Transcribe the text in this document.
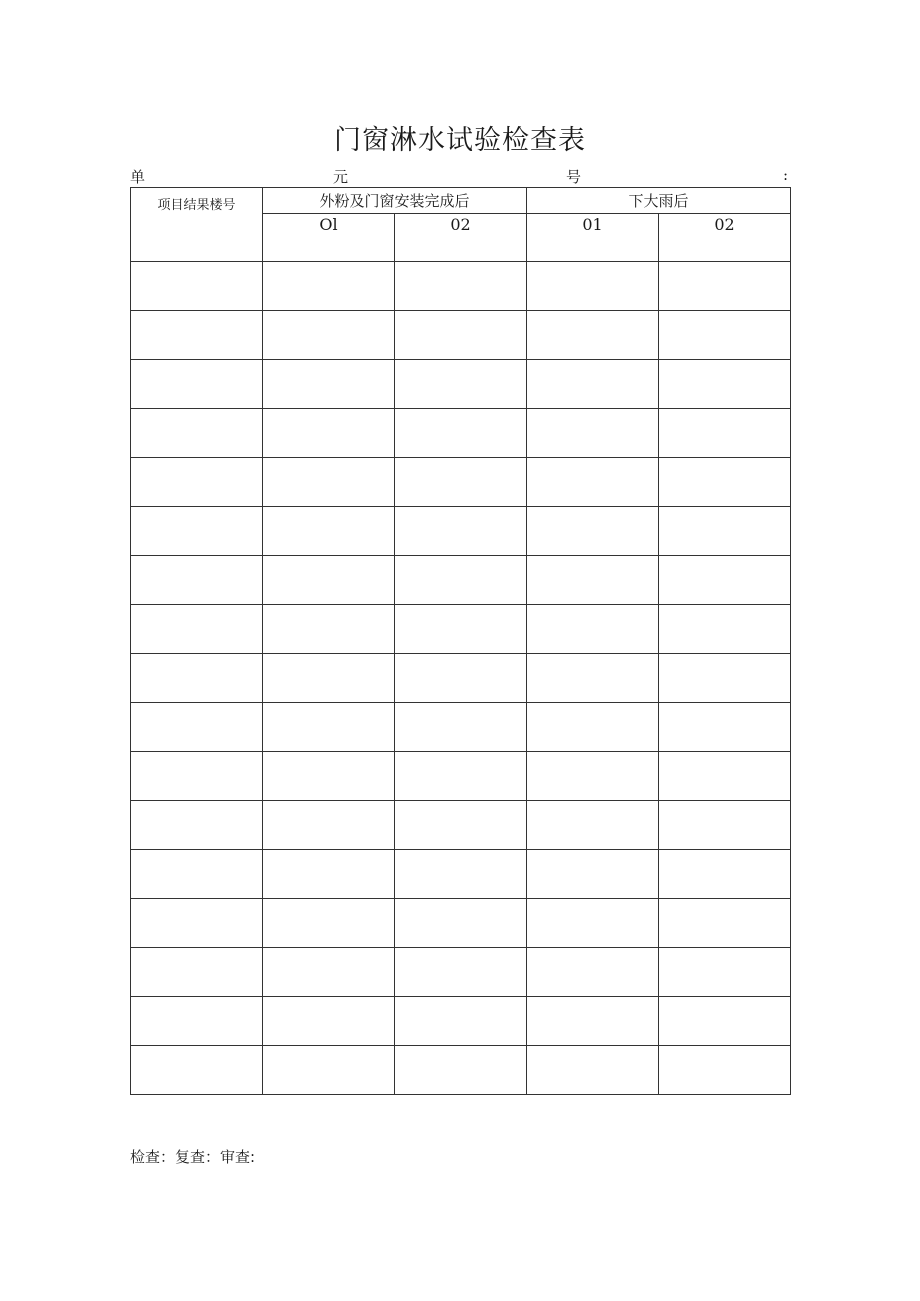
门窗淋水试验检查表
单	元	号	:
项目结果楼号	外粉及门窗安装完成后		下大雨后	
	Ol	02	01	02

检查：复查：审查:
